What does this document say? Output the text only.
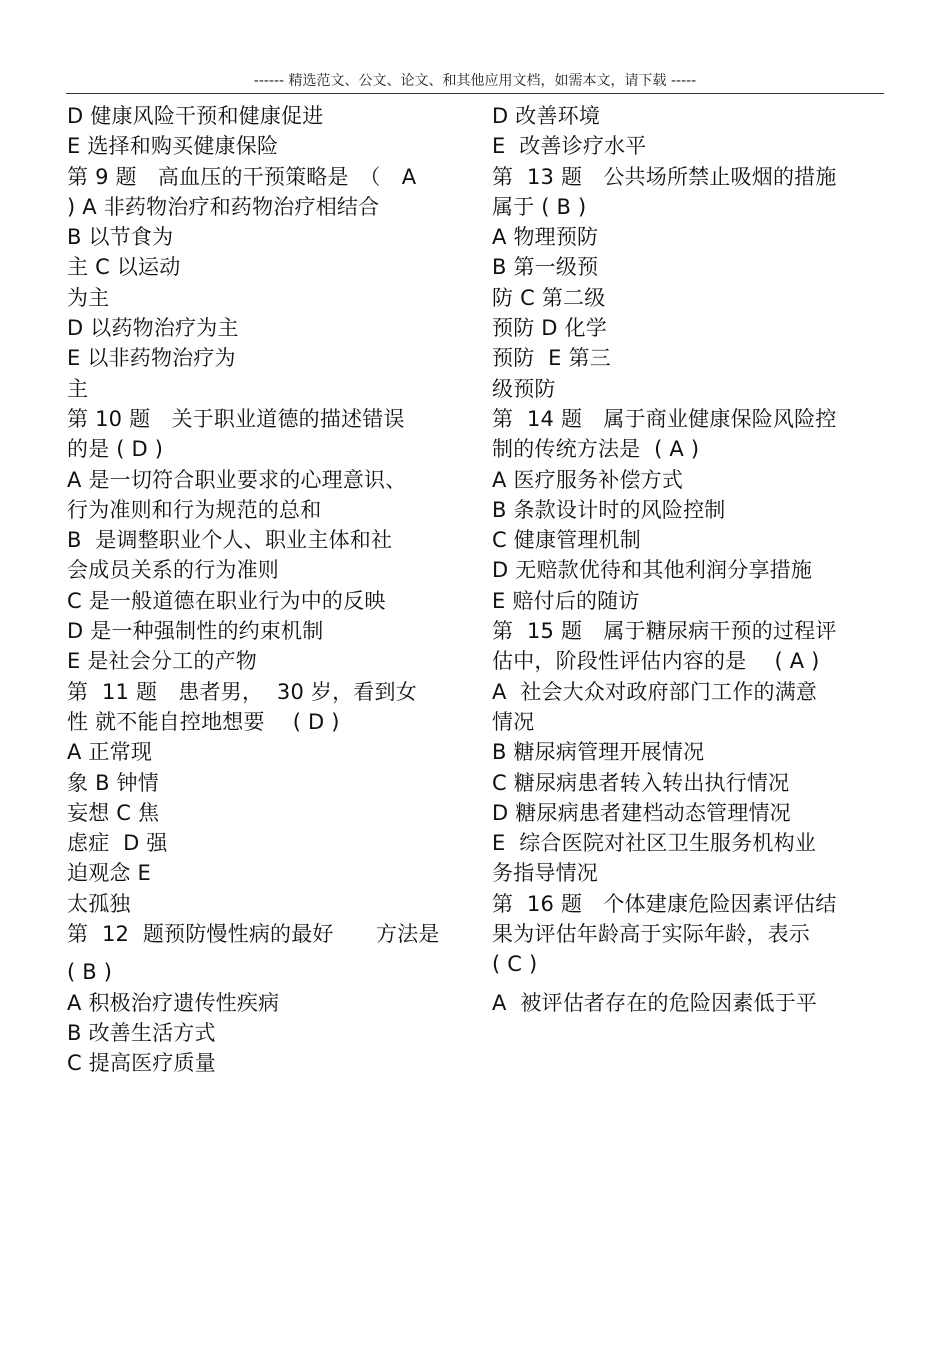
------ 精选范文、公文、论文、和其他应用文档，如需本文，请下载 -----
D 健康风险干预和健康促进
E 选择和购买健康保险
第 9 题　高血压的干预策略是　（　A
) A 非药物治疗和药物治疗相结合
B 以节食为
主 C 以运动
为主
D 以药物治疗为主
E 以非药物治疗为
主
第 10 题　关于职业道德的描述错误
的是 ( D )
A 是一切符合职业要求的心理意识、
行为准则和行为规范的总和
B  是调整职业个人、职业主体和社
会成员关系的行为准则
C 是一般道德在职业行为中的反映
D 是一种强制性的约束机制
E 是社会分工的产物
第  11 题　患者男，  30 岁，看到女
性 就不能自控地想要　 ( D )
A 正常现
象 B 钟情
妄想 C 焦
虑症  D 强
迫观念 E
太孤独
第  12  题预防慢性病的最好　　方法是
( B )
A 积极治疗遗传性疾病
B 改善生活方式
C 提高医疗质量
D 改善环境
E  改善诊疗水平
第  13 题　公共场所禁止吸烟的措施
属于 ( B )
A 物理预防
B 第一级预
防 C 第二级
预防 D 化学
预防  E 第三
级预防
第  14 题　属于商业健康保险风险控
制的传统方法是  ( A )
A 医疗服务补偿方式
B 条款设计时的风险控制
C 健康管理机制
D 无赔款优待和其他利润分享措施
E 赔付后的随访
第  15 题　属于糖尿病干预的过程评
估中，阶段性评估内容的是　 ( A )
A  社会大众对政府部门工作的满意
情况
B 糖尿病管理开展情况
C 糖尿病患者转入转出执行情况
D 糖尿病患者建档动态管理情况
E  综合医院对社区卫生服务机构业
务指导情况
第  16 题　个体建康危险因素评估结
果为评估年龄高于实际年龄，表示
( C )
A  被评估者存在的危险因素低于平
